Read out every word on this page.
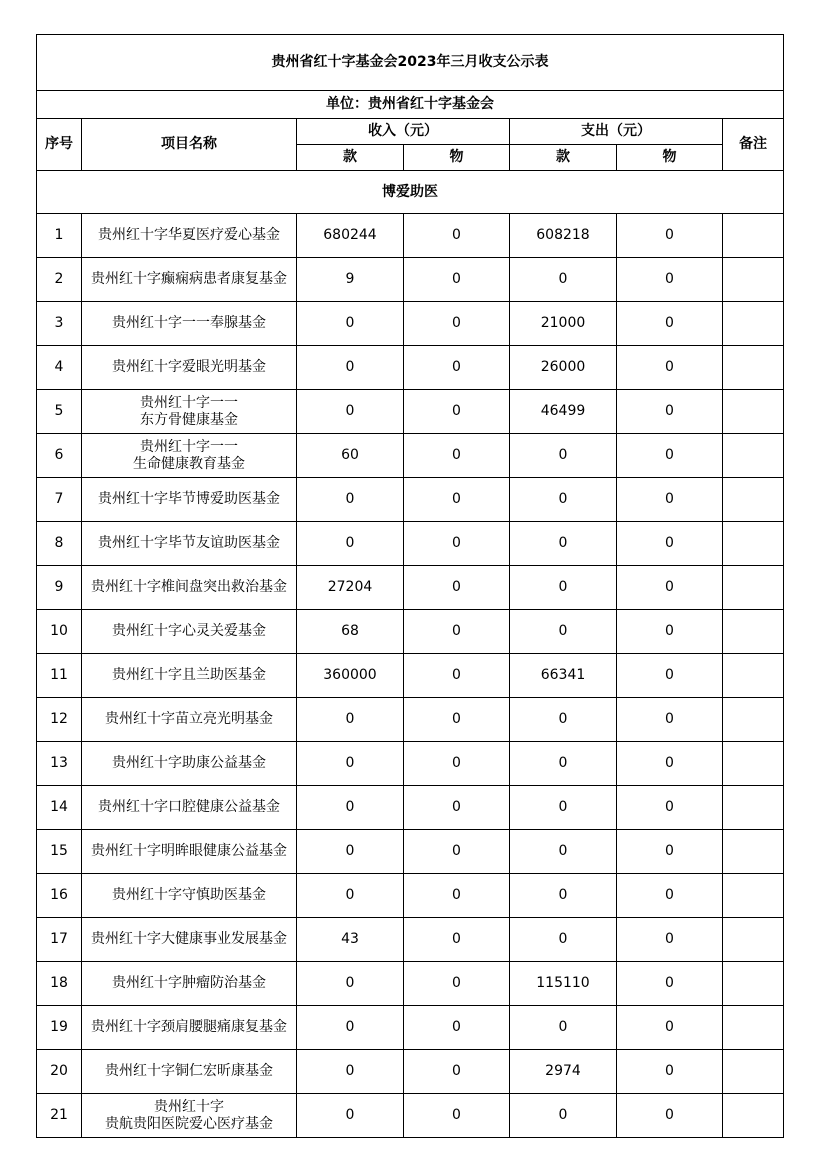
贵州省红十字基金会2023年三月收支公示表						
单位：贵州省红十字基金会						
序号	项目名称	收入（元）		支出（元）		备注
		款	物	款	物	
博爱助医						
1	贵州红十字华夏医疗爱心基金	680244	0	608218	0	
2	贵州红十字癫痫病患者康复基金	9	0	0	0	
3	贵州红十字一一奉腺基金	0	0	21000	0	
4	贵州红十字爱眼光明基金	0	0	26000	0	
5	贵州红十字一一
东方骨健康基金	0	0	46499	0	
6	贵州红十字一一
生命健康教育基金	60	0	0	0	
7	贵州红十字毕节博爱助医基金	0	0	0	0	
8	贵州红十字毕节友谊助医基金	0	0	0	0	
9	贵州红十字椎间盘突出救治基金	27204	0	0	0	
10	贵州红十字心灵关爱基金	68	0	0	0	
11	贵州红十字且兰助医基金	360000	0	66341	0	
12	贵州红十字苗立亮光明基金	0	0	0	0	
13	贵州红十字助康公益基金	0	0	0	0	
14	贵州红十字口腔健康公益基金	0	0	0	0	
15	贵州红十字明眸眼健康公益基金	0	0	0	0	
16	贵州红十字守慎助医基金	0	0	0	0	
17	贵州红十字大健康事业发展基金	43	0	0	0	
18	贵州红十字肿瘤防治基金	0	0	115110	0	
19	贵州红十字颈肩腰腿痛康复基金	0	0	0	0	
20	贵州红十字铜仁宏昕康基金	0	0	2974	0	
21	贵州红十字
贵航贵阳医院爱心医疗基金	0	0	0	0	
